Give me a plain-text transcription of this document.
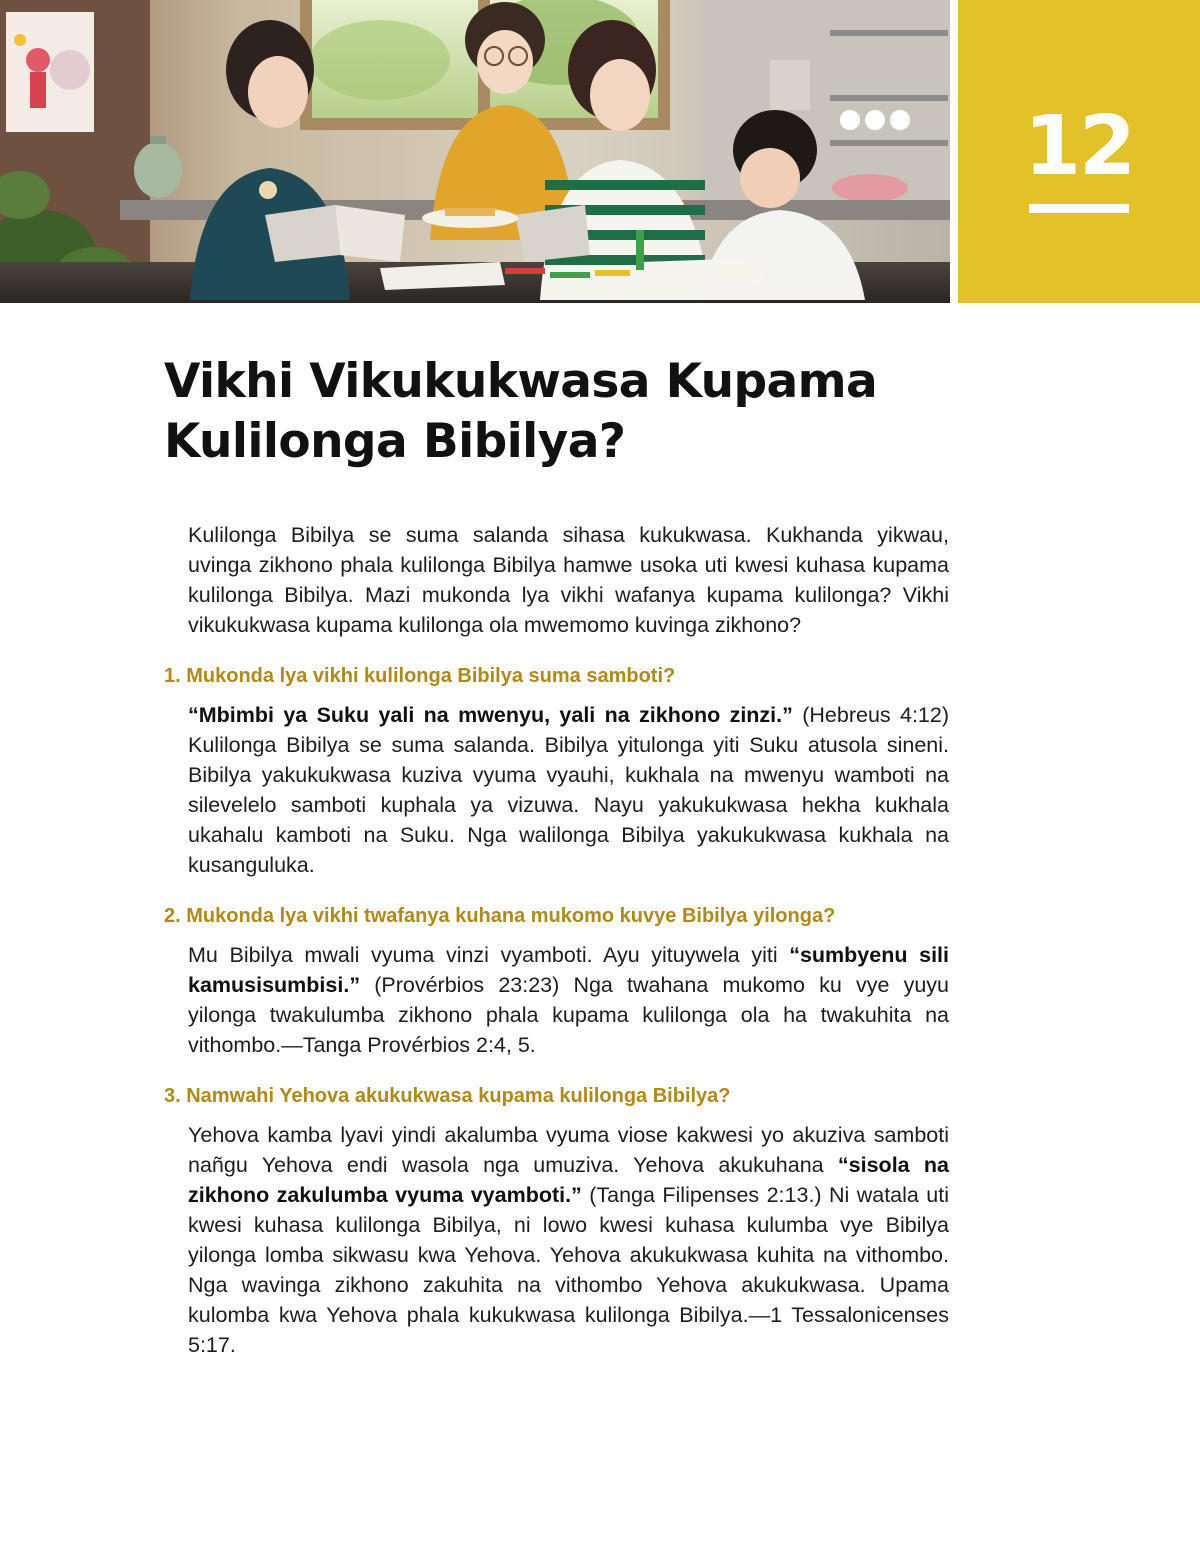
12
Vikhi Vikukukwasa Kupama Kulilonga Bibilya?

Kulilonga Bibilya se suma salanda sihasa kukukwasa. Kukhanda yikwau, uvinga zikhono phala kulilonga Bibilya hamwe usoka uti kwesi kuhasa kupama kulilonga Bibilya. Mazi mukonda lya vikhi wafanya kupama kulilonga? Vikhi vikukukwasa kupama kulilonga ola mwemomo kuvinga zikhono?

1. Mukonda lya vikhi kulilonga Bibilya suma samboti?

“Mbimbi ya Suku yali na mwenyu, yali na zikhono zinzi.” (Hebreus 4:12) Kulilonga Bibilya se suma salanda. Bibilya yitulonga yiti Suku atusola sineni. Bibilya yakukukwasa kuziva vyuma vyauhi, kukhala na mwenyu wamboti na silevelelo samboti kuphala ya vizuwa. Nayu yakukukwasa hekha kukhala ukahalu kamboti na Suku. Nga walilonga Bibilya yakukukwasa kukhala na kusanguluka.

2. Mukonda lya vikhi twafanya kuhana mukomo kuvye Bibilya yilonga?

Mu Bibilya mwali vyuma vinzi vyamboti. Ayu yituywela yiti “sumbyenu sili kamusisumbisi.” (Provérbios 23:23) Nga twahana mukomo ku vye yuyu yilonga twakulumba zikhono phala kupama kulilonga ola ha twakuhita na vithombo.—Tanga Provérbios 2:4, 5.

3. Namwahi Yehova akukukwasa kupama kulilonga Bibilya?

Yehova kamba lyavi yindi akalumba vyuma viose kakwesi yo akuziva samboti nañgu Yehova endi wasola nga umuziva. Yehova akukuhana “sisola na zikhono zakulumba vyuma vyamboti.” (Tanga Filipenses 2:13.) Ni watala uti kwesi kuhasa kulilonga Bibilya, ni lowo kwesi kuhasa kulumba vye Bibilya yilonga lomba sikwasu kwa Yehova. Yehova akukukwasa kuhita na vithombo. Nga wavinga zikhono zakuhita na vithombo Yehova akukukwasa. Upama kulomba kwa Yehova phala kukukwasa kulilonga Bibilya.—1 Tessalonicenses 5:17.
